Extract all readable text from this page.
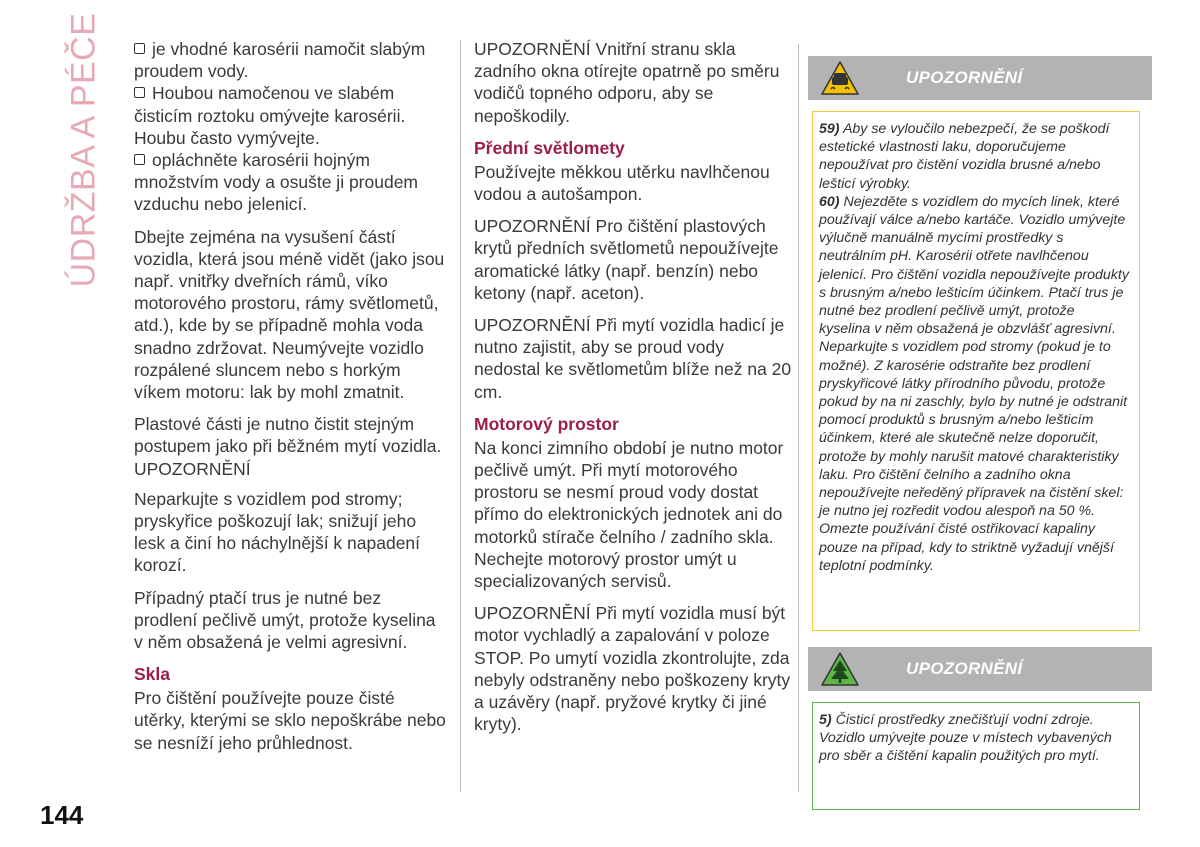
ÚDRŽBA A PÉČE	je vhodné karosérii namočit slabým proudem vody.

Houbou namočenou ve slabém čisticím roztoku omývejte karosérii. Houbu často vymývejte.

opláchněte karosérii hojným množstvím vody a osušte ji proudem vzduchu nebo jelenicí.

Dbejte zejména na vysušení částí vozidla, která jsou méně vidět (jako jsou např. vnitřky dveřních rámů, víko motorového prostoru, rámy světlometů, atd.), kde by se případně mohla voda snadno zdržovat. Neumývejte vozidlo rozpálené sluncem nebo s horkým víkem motoru: lak by mohl zmatnit.

Plastové části je nutno čistit stejným postupem jako při běžném mytí vozidla.

UPOZORNĚNÍ

Neparkujte s vozidlem pod stromy; pryskyřice poškozují lak; snižují jeho lesk a činí ho náchylnější k napadení korozí.

Případný ptačí trus je nutné bez prodlení pečlivě umýt, protože kyselina v něm obsažená je velmi agresivní.

Skla

Pro čištění používejte pouze čisté utěrky, kterými se sklo nepoškrábe nebo se nesníží jeho průhlednost.

UPOZORNĚNÍ Vnitřní stranu skla zadního okna otírejte opatrně po směru vodičů topného odporu, aby se nepoškodily.

Přední světlomety

Používejte měkkou utěrku navlhčenou vodou a autošampon.

UPOZORNĚNÍ Pro čištění plastových krytů předních světlometů nepoužívejte aromatické látky (např. benzín) nebo ketony (např. aceton).

UPOZORNĚNÍ Při mytí vozidla hadicí je nutno zajistit, aby se proud vody nedostal ke světlometům blíže než na 20 cm.

Motorový prostor

Na konci zimního období je nutno motor pečlivě umýt. Při mytí motorového prostoru se nesmí proud vody dostat přímo do elektronických jednotek ani do motorků stírače čelního / zadního skla. Nechejte motorový prostor umýt u specializovaných servisů.

UPOZORNĚNÍ Při mytí vozidla musí být motor vychladlý a zapalování v poloze STOP. Po umytí vozidla zkontrolujte, zda nebyly odstraněny nebo poškozeny kryty a uzávěry (např. pryžové krytky či jiné kryty).

UPOZORNĚNÍ
59) Aby se vyloučilo nebezpečí, že se poškodí estetické vlastnosti laku, doporučujeme nepoužívat pro čistění vozidla brusné a/nebo lešticí výrobky.
60) Nejezděte s vozidlem do mycích linek, které používají válce a/nebo kartáče. Vozidlo umývejte výlučně manuálně mycími prostředky s neutrálním pH. Karosérii otřete navlhčenou jelenicí. Pro čištění vozidla nepoužívejte produkty s brusným a/nebo lešticím účinkem. Ptačí trus je nutné bez prodlení pečlivě umýt, protože kyselina v něm obsažená je obzvlášť agresivní. Neparkujte s vozidlem pod stromy (pokud je to možné). Z karosérie odstraňte bez prodlení pryskyřicové látky přírodního původu, protože pokud by na ni zaschly, bylo by nutné je odstranit pomocí produktů s brusným a/nebo lešticím účinkem, které ale skutečně nelze doporučit, protože by mohly narušit matové charakteristiky laku. Pro čištění čelního a zadního okna nepoužívejte neředěný přípravek na čistění skel: je nutno jej rozředit vodou alespoň na 50 %. Omezte používání čisté ostřikovací kapaliny pouze na případ, kdy to striktně vyžadují vnější teplotní podmínky.
UPOZORNĚNÍ
5) Čisticí prostředky znečišťují vodní zdroje. Vozidlo umývejte pouze v místech vybavených pro sběr a čištění kapalin použitých pro mytí.
144
